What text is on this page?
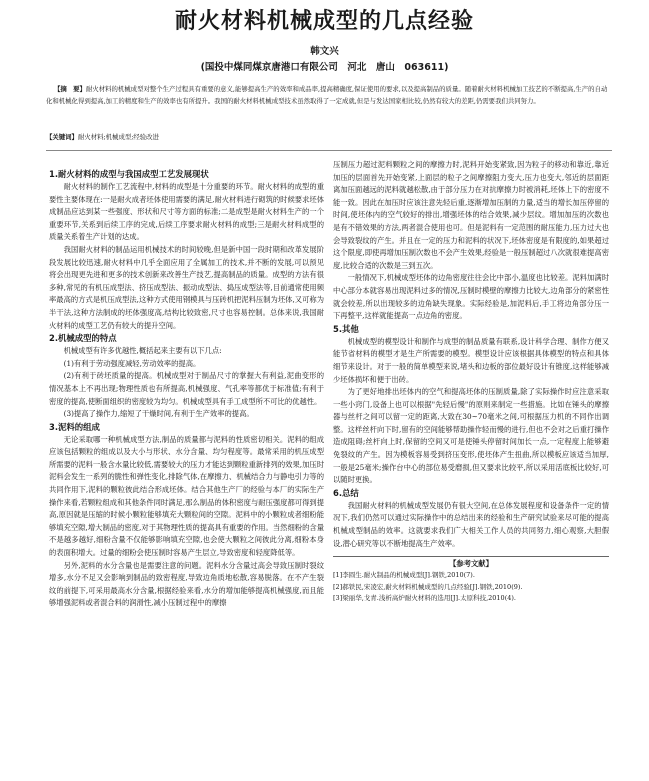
耐火材料机械成型的几点经验
韩文兴
(国投中煤同煤京唐港口有限公司　河北　唐山　063611)
【摘　要】耐火材料的机械成型对整个生产过程具有重要的意义,能够提高生产的效率和成品率,提高精确度,保证使用的要求,以及提高制品的质量。随着耐火材料机械加工技艺的不断提高,生产的自动化和机械化得到提高,加工的精度和生产的效率也有所提升。我国的耐火材料机械成型技术虽然取得了一定成就,但是与发达国家相比较,仍然有较大的差距,仍需要我们共同努力。
【关键词】耐火材料;机械成型;经验改进
1.耐火材料的成型与我国成型工艺发展现状

耐火材料的制作工艺流程中,材料的成型是十分重要的环节。耐火材料的成型的重要性主要体现在:一是耐火成者坯体使用需要的满足,耐火材料进行砌筑的时候要求坯体成制品应达到某一些强度、形状和尺寸等方面的标准;二是成型是耐火材料生产的一个重要环节,关系到后续工序的完成,后续工序要求耐火材料的成型;三是耐火材料成型的质量关系着生产计划的达成。

我国耐火材料的制品运用机械技术的时间较晚,但是新中国一段时期和改革发展阶段发展比较迅速,耐火材料中几乎全面应用了全属加工的技术,并不断的发展,可以预见将会出现更先进和更多的技术创新来改善生产技艺,提高制品的质量。成型的方法有很多种,常见的有机压成型法、挤压成型法、振动成型法、捣压成型法等,目前通常使用频率最高的方式是机压成型法,这种方式使用钢模具与压砖机把泥料压制为坯体,又可称为半干法,这种方法制成的坯体强度高,结构比较致密,尺寸也容易控制。总体来说,我国耐火材料的成型工艺仍有较大的提升空间。

2.机械成型的特点

机械成型有许多优越性,概括起来主要有以下几点:

(1)有利于劳动强度减轻,劳动效率的提高。

(2)有利于砖坯质量的提高。机械成型对于制品尺寸的掌握大有利益,泥曲变形的情况基本上不再出现;物理性质也有所提高,机械强度、气孔率等都优于标准值;有利于密度的提高,使断面组织的密度较为均匀。机械成型具有手工成型所不可比的优越性。

(3)提高了操作力,缩短了干燥时间,有利于生产效率的提高。

3.泥料的组成

无论采取哪一种机械成型方法,制品的质量都与泥料的性质密切相关。泥料的组成应该包括颗粒的组成以及大小与形状、水分含量、均匀程度等。最常采用的机压成型所需要的泥料一般含水量比较低,需要较大的压力才能达到颗粒重新排列的效果,加压时泥料会发生一系列的脆性和弹性变化,排除气体,在摩擦力、机械结合力与静电引力等的共同作用下,泥料的颗粒彼此结合形成坯体。结合其他生产厂的经验与本厂的实际生产操作来看,若颗粒组成和其他条件同时满足,那么制品的体积密度与耐压强度都可得到提高,原因就是压缩的时候小颗粒能够填充大颗粒间的空隙。泥料中的小颗粒成者细粉能够填充空隙,增大制品的密度,对于其物理性质的提高具有重要的作用。当然细粉的含量不是越多越好,细粉含量不仅能够影响填充空隙,也会使大颗粒之间彼此分离,细粉本身的表面积增大。过量的细粉会使压制时容易产生层立,导致密度和轻度降低等。

另外,泥料的水分含量也是需要注意的问题。泥料水分含量过高会导致压制时裂纹增多,水分不足又会影响到制品的致密程度,导致边角质地松散,容易脱落。在不产生裂纹的前提下,可采用最高水分含量,根据经验来看,水分的增加能够提高机械强度,而且能够增强泥料或者混合料的润滑性,减小压制过程中的摩擦

压制压力超过泥料颗粒之间的摩擦力时,泥料开始变紧致,因为粒子的移动和靠近,靠近加压的层面首先开始变紧,上面层的粒子之间摩擦阻力变大,压力也变大,邻近的层面距离加压面越远的泥料就越松散,由于部分压力在对抗摩擦力时被消耗,坯体上下的密度不能一致。因此在加压时应该注意先轻后重,逐渐增加压制的力量,适当的增长加压停留的时间,使坯体内的空气较好的排出,增强坯体的结合效果,减少层纹。增加加压的次数也是有不错效果的方法,两者混合使用也可。但是泥料有一定范围的耐压能力,压力过大也会导致裂纹的产生。并且在一定的压力和泥料的状况下,坯体密度是有限度的,如果超过这个限度,即使再增加压制次数也不会产生效果,经验是一般压制超过八次就很难提高密度,比较合适的次数是三到五次。

一般情况下,机械成型坯体的边角密度往往会比中部小,温度也比较差。泥料加满时中心部分本就容易出现泥料过多的情况,压制时模壁的摩擦力比较大,边角部分的紧密性就会较差,所以出现较多的边角缺失现象。实际经验是,加泥料后,手工将边角部分压一下再整平,这样就能提高一点边角的密度。

5.其他

机械成型的模型设计和制作与成型的制品质量有联系,设计科学合理、制作方便又能节省材料的模型才是生产所需要的模型。模型设计应该根据具体模型的特点和具体细节来设计。对于一般的简单模型来说,堵头和边板的部位最好设计有锥度,这样能够减少坯体损坏和便于出砖。

为了更好地排出坯体内的空气和提高坯体的压制质量,除了实际操作时应注意采取一些小窍门,设备上也可以根据"先轻后慢"的原则来制定一些措施。比如在锤头的摩擦器与丝杆之间可以留一定的距离,大致在30~70毫米之间,可根据压力机的不同作出调整。这样丝杆向下时,留有的空间能够帮助操作轻而慢的进行,但也不会对之后重打操作造成阻碍;丝杆向上时,保留的空间又可是使锤头停留时间加长一点,一定程度上能够避免裂纹的产生。因为模板容易受到挤压变形,使坯体产生扭曲,所以模板应该适当加厚,一般是25毫米;操作台中心的部位易受磨损,但又要求比较平,所以采用活底板比较好,可以随时更换。

6.总结

我国耐火材料的机械成型发展仍有很大空间,在总体发展程度和设备条件一定的情况下,我们仍然可以通过实际操作中的总结出来的经验和生产研究试验来尽可能的提高机械成型制品的效率。这就要求我们广大相关工作人员的共同努力,细心观察,大胆假设,潜心研究等以不断地提高生产效率。

【参考文献】
[1]李圆生.耐火制品的机械成型[J].钢铁,2010(7).
[2]郝铁民,宋凌宏,耐火材料机械成型的几点经验[J].钢铁,2010(9).
[3]梁丽华,戈青.浅析高炉耐火材料的选用[J].太原科技,2010(4).
